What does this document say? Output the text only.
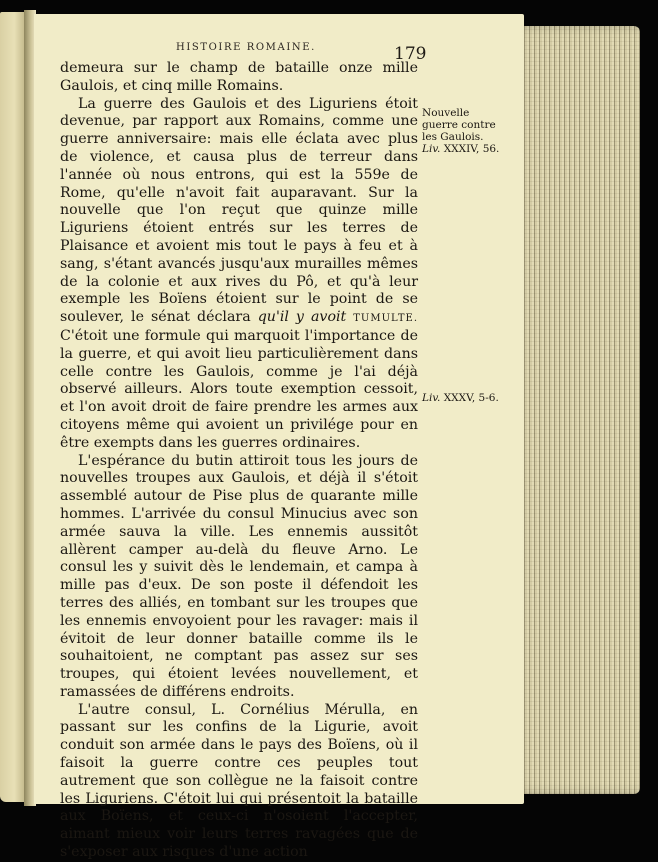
HISTOIRE ROMAINE.	179

demeura sur le champ de bataille onze mille Gaulois, et cinq mille Romains.

La guerre des Gaulois et des Liguriens étoit devenue, par rapport aux Romains, comme une guerre anniversaire: mais elle éclata avec plus de violence, et causa plus de terreur dans l'année où nous entrons, qui est la 559e de Rome, qu'elle n'avoit fait auparavant. Sur la nouvelle que l'on reçut que quinze mille Liguriens étoient entrés sur les terres de Plaisance et avoient mis tout le pays à feu et à sang, s'étant avancés jusqu'aux murailles mêmes de la colonie et aux rives du Pô, et qu'à leur exemple les Boïens étoient sur le point de se soulever, le sénat déclara qu'il y avoit TUMULTE. C'étoit une formule qui marquoit l'importance de la guerre, et qui avoit lieu particulièrement dans celle contre les Gaulois, comme je l'ai déjà observé ailleurs. Alors toute exemption cessoit, et l'on avoit droit de faire prendre les armes aux citoyens même qui avoient un privilége pour en être exempts dans les guerres ordinaires.

L'espérance du butin attiroit tous les jours de nouvelles troupes aux Gaulois, et déjà il s'étoit assemblé autour de Pise plus de quarante mille hommes. L'arrivée du consul Minucius avec son armée sauva la ville. Les ennemis aussitôt allèrent camper au-delà du fleuve Arno. Le consul les y suivit dès le lendemain, et campa à mille pas d'eux. De son poste il défendoit les terres des alliés, en tombant sur les troupes que les ennemis envoyoient pour les ravager: mais il évitoit de leur donner bataille comme ils le souhaitoient, ne comptant pas assez sur ses troupes, qui étoient levées nouvellement, et ramassées de différens endroits.

L'autre consul, L. Cornélius Mérulla, en passant sur les confins de la Ligurie, avoit conduit son armée dans le pays des Boïens, où il faisoit la guerre contre ces peuples tout autrement que son collègue ne la faisoit contre les Liguriens. C'étoit lui qui présentoit la bataille aux Boïens, et ceux-ci n'osoient l'accepter, aimant mieux voir leurs terres ravagées que de s'exposer aux risques d'une action

Nouvelle guerre contre les Gaulois. Liv. XXXIV, 56.
Liv. XXXV, 5-6.
